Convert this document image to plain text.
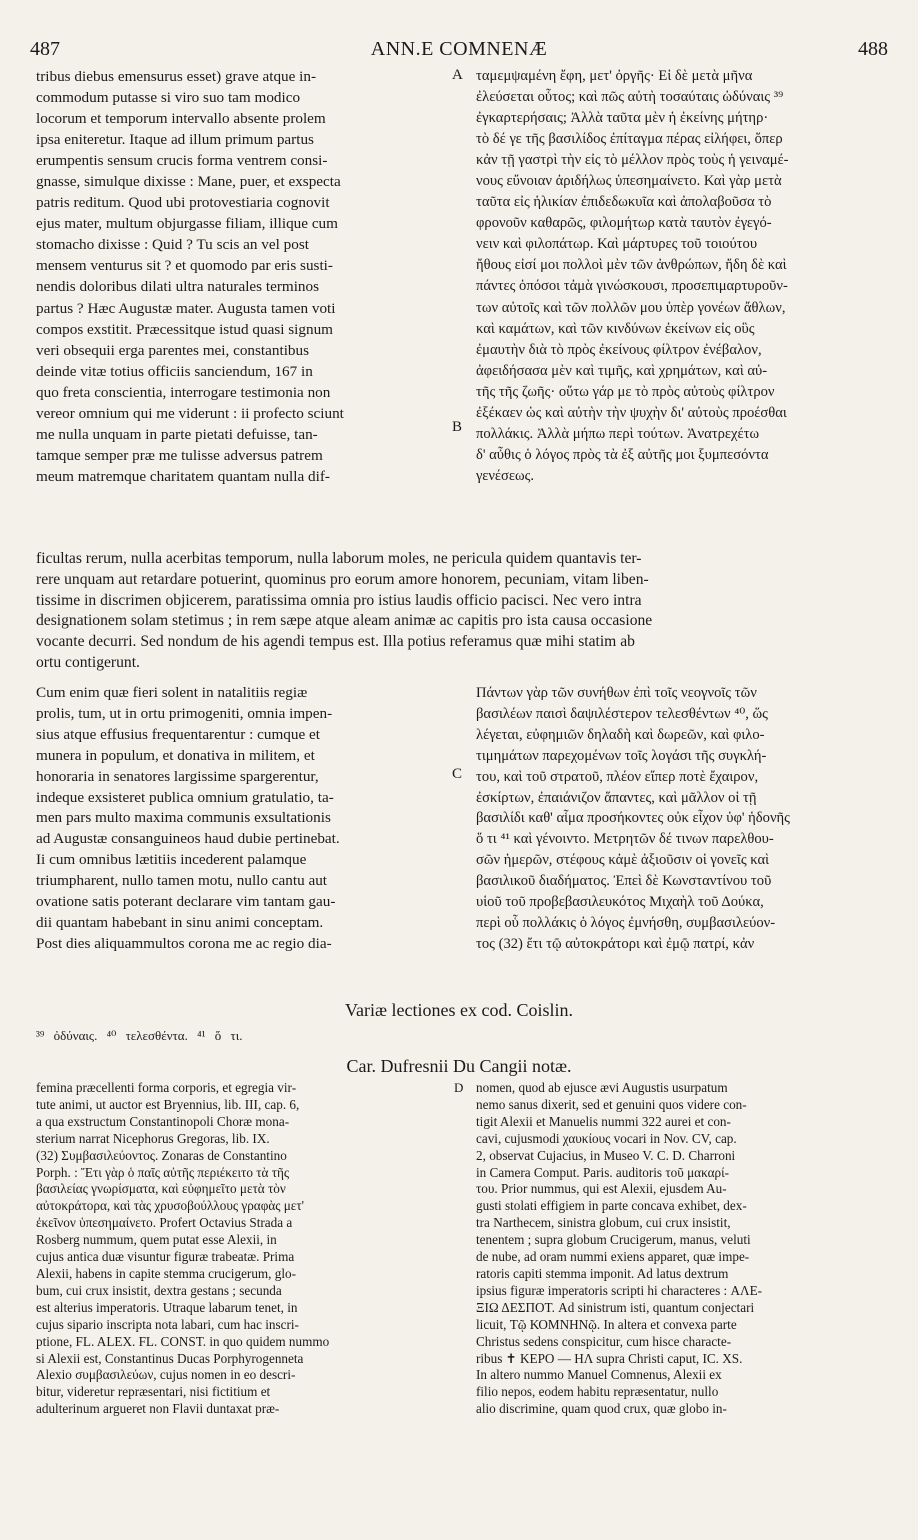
487	ANN.E COMNENÆ	488
A
B
C
D
tribus diebus emensurus esset) grave atque in-
commodum putasse si viro suo tam modico
locorum et temporum intervallo absente prolem
ipsa eniteretur. Itaque ad illum primum partus
erumpentis sensum crucis forma ventrem consi-
gnasse, simulque dixisse : Mane, puer, et exspecta
patris reditum. Quod ubi protovestiaria cognovit
ejus mater, multum objurgasse filiam, illique cum
stomacho dixisse : Quid ? Tu scis an vel post
mensem venturus sit ? et quomodo par eris susti-
nendis doloribus dilati ultra naturales terminos
partus ? Hæc Augustæ mater. Augusta tamen voti
compos exstitit. Præcessitque istud quasi signum
veri obsequii erga parentes mei, constantibus
deinde vitæ totius officiis sanciendum, 167 in
quo freta conscientia, interrogare testimonia non
vereor omnium qui me viderunt : ii profecto sciunt
me nulla unquam in parte pietati defuisse, tan-
tamque semper præ me tulisse adversus patrem
meum matremque charitatem quantam nulla dif-
ταμεμψαμένη ἔφη, μετ' ὀργῆς· Εἰ δὲ μετὰ μῆνα
ἐλεύσεται οὗτος; καὶ πῶς αὐτὴ τοσαύταις ὠδύναις ³⁹
ἐγκαρτερήσαις; Ἀλλὰ ταῦτα μὲν ἡ ἐκείνης μήτηρ·
τὸ δέ γε τῆς βασιλίδος ἐπίταγμα πέρας εἰλήφει, ὅπερ
κἀν τῇ γαστρὶ τὴν εἰς τὸ μέλλον πρὸς τοὺς ἡ γειναμέ-
νους εὔνοιαν ἀριδήλως ὑπεσημαίνετο. Καὶ γὰρ μετὰ
ταῦτα εἰς ἡλικίαν ἐπιδεδωκυῖα καὶ ἀπολαβοῦσα τὸ
φρονοῦν καθαρῶς, φιλομήτωρ κατὰ ταυτὸν ἐγεγό-
νειν καὶ φιλοπάτωρ. Καὶ μάρτυρες τοῦ τοιούτου
ἤθους εἰσί μοι πολλοὶ μὲν τῶν ἀνθρώπων, ἤδη δὲ καὶ
πάντες ὁπόσοι τἀμὰ γινώσκουσι, προσεπιμαρτυροῦν-
των αὐτοῖς καὶ τῶν πολλῶν μου ὑπὲρ γονέων ἄθλων,
καὶ καμάτων, καὶ τῶν κινδύνων ἐκείνων εἰς οὓς
ἐμαυτὴν διὰ τὸ πρὸς ἐκείνους φίλτρον ἐνέβαλον,
ἀφειδήσασα μὲν καὶ τιμῆς, καὶ χρημάτων, καὶ αὐ-
τῆς τῆς ζωῆς· οὕτω γάρ με τὸ πρὸς αὐτοὺς φίλτρον
ἐξέκαεν ὡς καὶ αὐτὴν τὴν ψυχὴν δι' αὐτοὺς προέσθαι
πολλάκις. Ἀλλὰ μήπω περὶ τούτων. Ἀνατρεχέτω
δ' αὖθις ὁ λόγος πρὸς τὰ ἐξ αὐτῆς μοι ξυμπεσόντα
γενέσεως.
ficultas rerum, nulla acerbitas temporum, nulla laborum moles, ne pericula quidem quantavis ter-
rere unquam aut retardare potuerint, quominus pro eorum amore honorem, pecuniam, vitam liben-
tissime in discrimen objicerem, paratissima omnia pro istius laudis officio pacisci. Nec vero intra
designationem solam stetimus ; in rem sæpe atque aleam animæ ac capitis pro ista causa occasione
vocante decurri. Sed nondum de his agendi tempus est. Illa potius referamus quæ mihi statim ab
ortu contigerunt.
Cum enim quæ fieri solent in natalitiis regiæ
prolis, tum, ut in ortu primogeniti, omnia impen-
sius atque effusius frequentarentur : cumque et
munera in populum, et donativa in militem, et
honoraria in senatores largissime spargerentur,
indeque exsisteret publica omnium gratulatio, ta-
men pars multo maxima communis exsultationis
ad Augustæ consanguineos haud dubie pertinebat.
Ii cum omnibus lætitiis incederent palamque
triumpharent, nullo tamen motu, nullo cantu aut
ovatione satis poterant declarare vim tantam gau-
dii quantam habebant in sinu animi conceptam.
Post dies aliquammultos corona me ac regio dia-
Πάντων γὰρ τῶν συνήθων ἐπὶ τοῖς νεογνοῖς τῶν
βασιλέων παισὶ δαψιλέστερον τελεσθέντων ⁴⁰, ὥς
λέγεται, εὐφημιῶν δηλαδὴ καὶ δωρεῶν, καὶ φιλο-
τιμημάτων παρεχομένων τοῖς λογάσι τῆς συγκλή-
του, καὶ τοῦ στρατοῦ, πλέον εἴπερ ποτὲ ἔχαιρον,
ἐσκίρτων, ἐπαιάνιζον ἅπαντες, καὶ μᾶλλον οἱ τῇ
βασιλίδι καθ' αἷμα προσήκοντες οὐκ εἶχον ὑφ' ἡδονῆς
ὅ τι ⁴¹ καὶ γένοιντο. Μετρητῶν δέ τινων παρελθου-
σῶν ἡμερῶν, στέφους κἀμὲ ἀξιοῦσιν οἱ γονεῖς καὶ
βασιλικοῦ διαδήματος. Ἐπεὶ δὲ Κωνσταντίνου τοῦ
υἱοῦ τοῦ προβεβασιλευκότος Μιχαὴλ τοῦ Δούκα,
περὶ οὗ πολλάκις ὁ λόγος ἐμνήσθη, συμβασιλεύον-
τος (32) ἔτι τῷ αὐτοκράτορι καὶ ἐμῷ πατρί, κἀν
Variæ lectiones ex cod. Coislin.
³⁹ ὀδύναις. ⁴⁰ τελεσθέντα. ⁴¹ ὅ τι.
Car. Dufresnii Du Cangii notæ.
femina præcellenti forma corporis, et egregia vir-
tute animi, ut auctor est Bryennius, lib. III, cap. 6,
a qua exstructum Constantinopoli Choræ mona-
sterium narrat Nicephorus Gregoras, lib. IX.
(32) Συμβασιλεύοντος. Zonaras de Constantino
Porph. : Ἔτι γὰρ ὁ παῖς αὐτῆς περιέκειτο τὰ τῆς
βασιλείας γνωρίσματα, καὶ εὐφημεῖτο μετὰ τὸν
αὐτοκράτορα, καὶ τὰς χρυσοβούλλους γραφὰς μετ'
ἐκεῖνον ὑπεσημαίνετο. Profert Octavius Strada a
Rosberg nummum, quem putat esse Alexii, in
cujus antica duæ visuntur figuræ trabeatæ. Prima
Alexii, habens in capite stemma crucigerum, glo-
bum, cui crux insistit, dextra gestans ; secunda
est alterius imperatoris. Utraque labarum tenet, in
cujus sipario inscripta nota labari, cum hac inscri-
ptione, FL. ALEX. FL. CONST. in quo quidem nummo
si Alexii est, Constantinus Ducas Porphyrogenneta
Alexio συμβασιλεύων, cujus nomen in eo descri-
bitur, videretur repræsentari, nisi fictitium et
adulterinum argueret non Flavii duntaxat præ-
nomen, quod ab ejusce ævi Augustis usurpatum
nemo sanus dixerit, sed et genuini quos videre con-
tigit Alexii et Manuelis nummi 322 aurei et con-
cavi, cujusmodi χαυκίους vocari in Nov. CV, cap.
2, observat Cujacius, in Museo V. C. D. Charroni
in Camera Comput. Paris. auditoris τοῦ μακαρί-
του. Prior nummus, qui est Alexii, ejusdem Au-
gusti stolati effigiem in parte concava exhibet, dex-
tra Narthecem, sinistra globum, cui crux insistit,
tenentem ; supra globum Crucigerum, manus, veluti
de nube, ad oram nummi exiens apparet, quæ impe-
ratoris capiti stemma imponit. Ad latus dextrum
ipsius figuræ imperatoris scripti hi characteres : ΑΛΕ-
ΞΙΩ ΔΕΣΠΟΤ. Ad sinistrum isti, quantum conjectari
licuit, Τῷ ΚΟΜΝΗΝῷ. In altera et convexa parte
Christus sedens conspicitur, cum hisce characte-
ribus ✝ ΚΕΡΟ — ΗΛ supra Christi caput, IC. XS.
In altero nummo Manuel Comnenus, Alexii ex
filio nepos, eodem habitu repræsentatur, nullo
alio discrimine, quam quod crux, quæ globo in-
